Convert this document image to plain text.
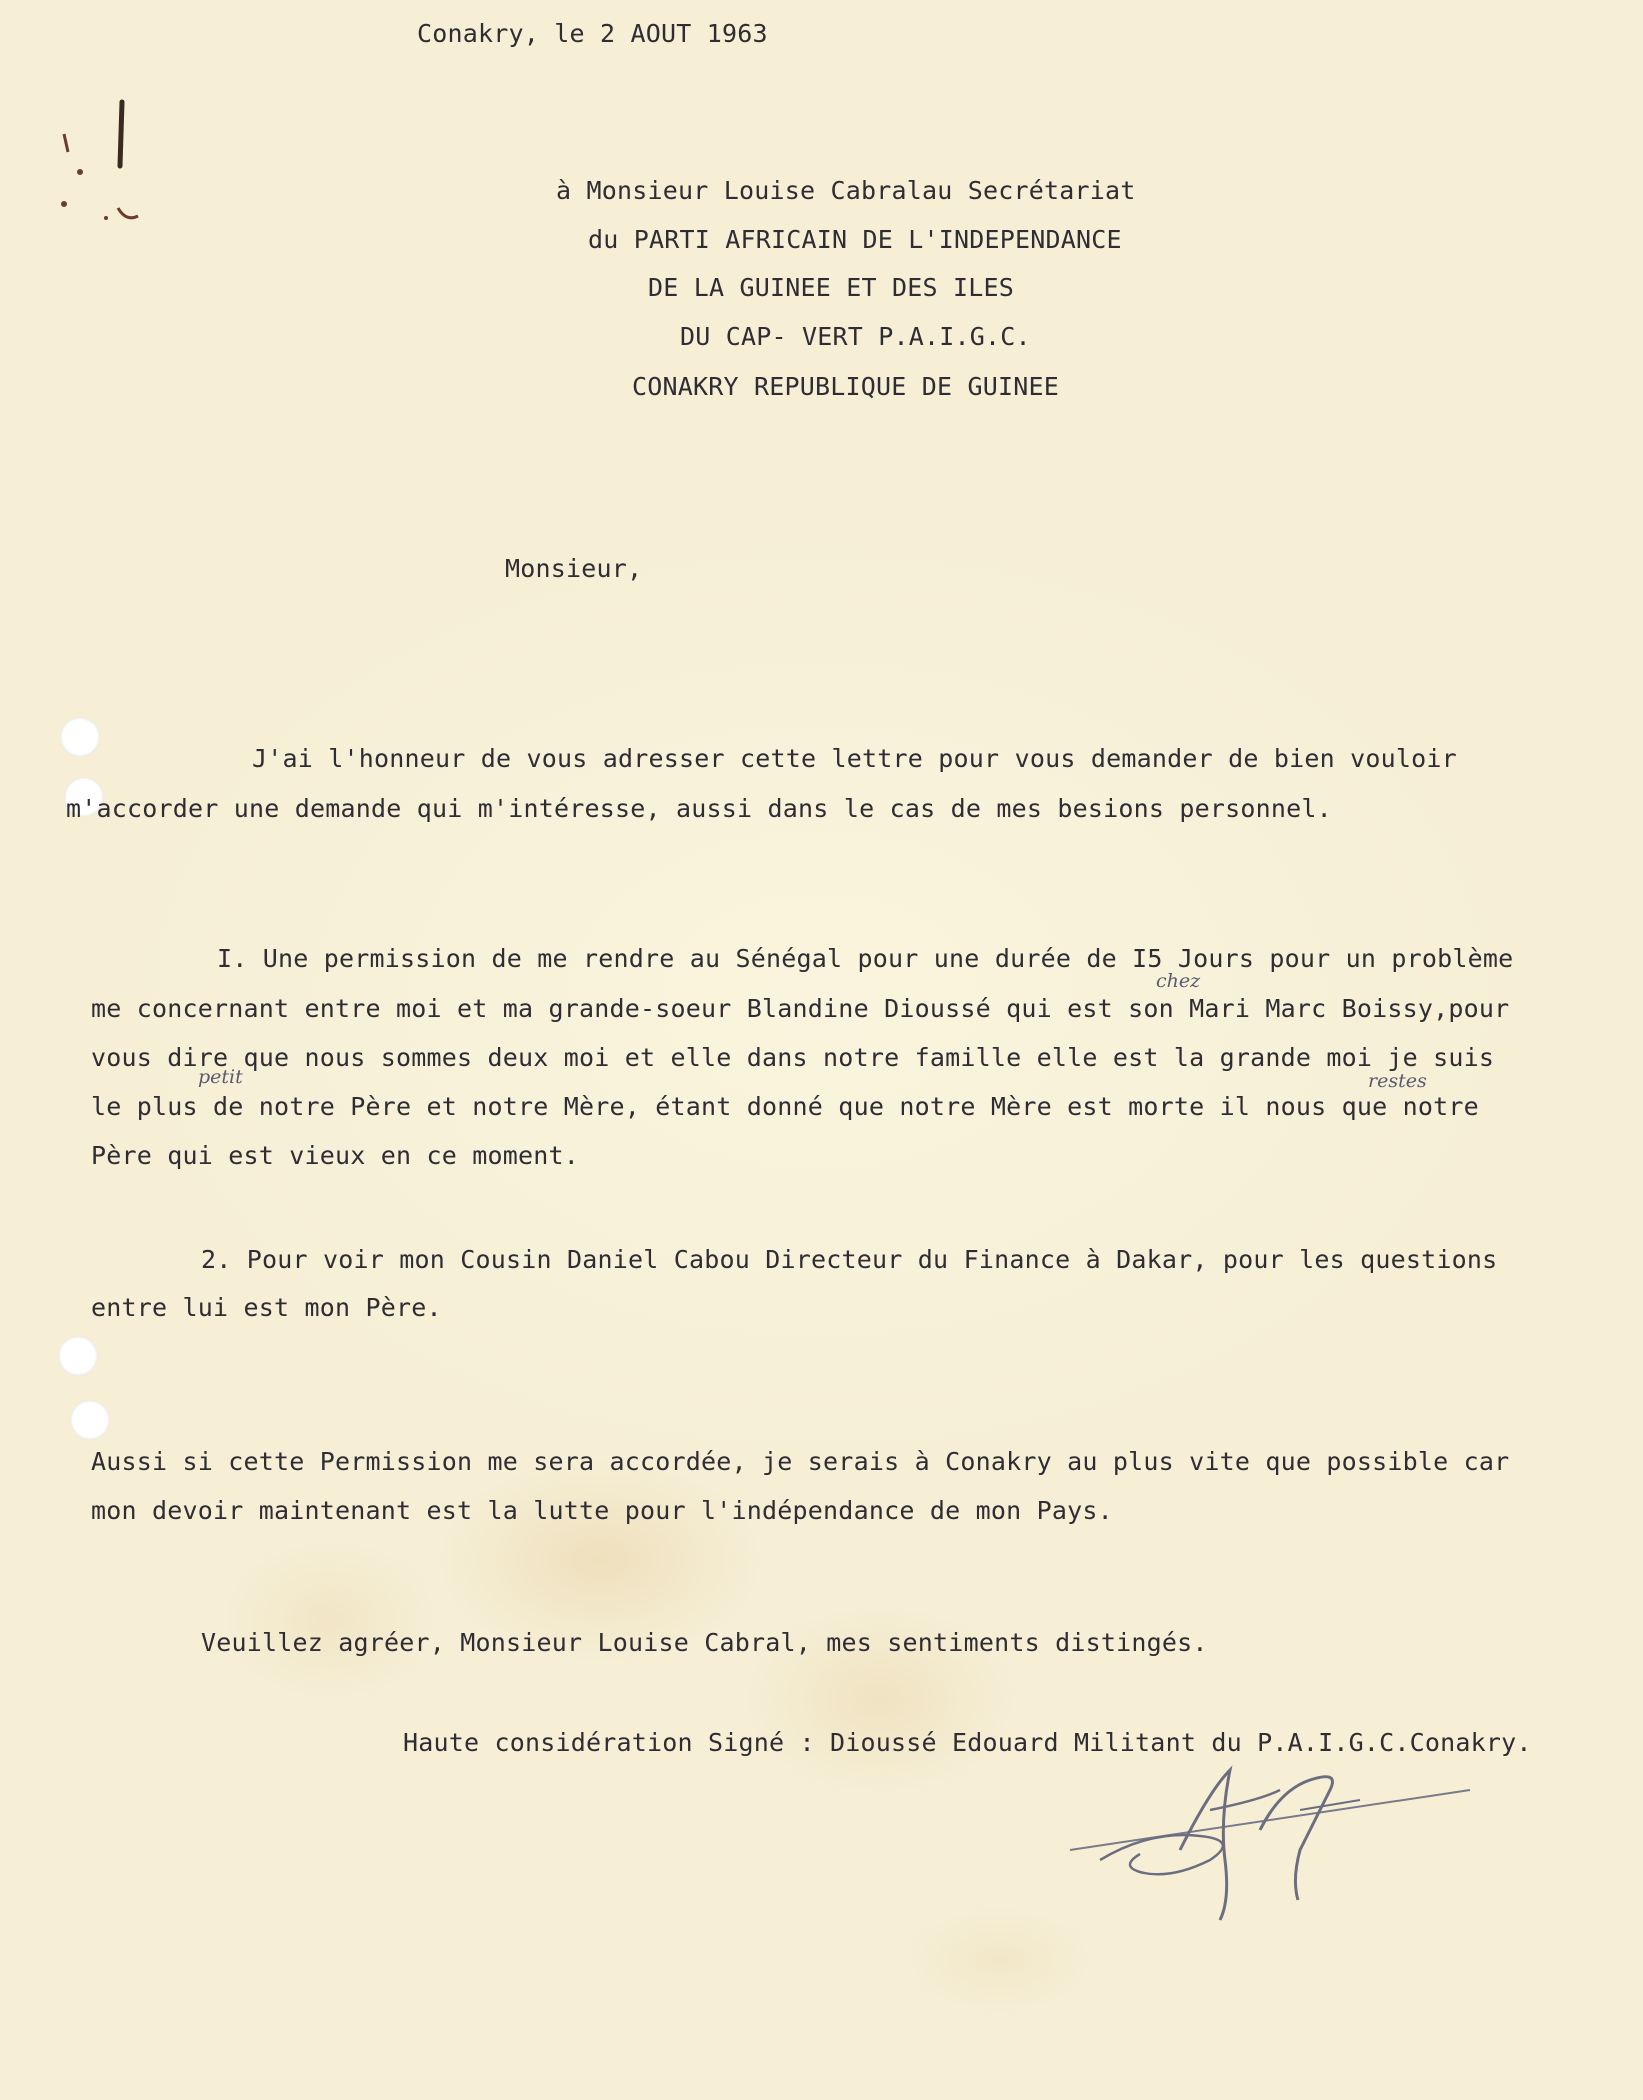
Conakry, le 2 AOUT 1963
à Monsieur Louise Cabralau Secrétariat
du PARTI AFRICAIN DE L'INDEPENDANCE
DE LA GUINEE ET DES ILES
DU CAP- VERT P.A.I.G.C.
CONAKRY REPUBLIQUE DE GUINEE
Monsieur,
J'ai l'honneur de vous adresser cette lettre pour vous demander de bien vouloir
m'accorder une demande qui m'intéresse, aussi dans le cas de mes besions personnel.
I. Une permission de me rendre au Sénégal pour une durée de I5 Jours pour un problème
me concernant entre moi et ma grande-soeur Blandine Dioussé qui est son Mari Marc Boissy,pour
vous dire que nous sommes deux moi et elle dans notre famille elle est la grande moi je suis
le plus de notre Père et notre Mère, étant donné que notre Mère est morte il nous que notre
Père qui est vieux en ce moment.
chez
petit	restes
2. Pour voir mon Cousin Daniel Cabou Directeur du Finance à Dakar, pour les questions
entre lui est mon Père.
Aussi si cette Permission me sera accordée, je serais à Conakry au plus vite que possible car
mon devoir maintenant est la lutte pour l'indépendance de mon Pays.
Veuillez agréer, Monsieur Louise Cabral, mes sentiments distingés.
Haute considération Signé : Dioussé Edouard Militant du P.A.I.G.C.Conakry.
